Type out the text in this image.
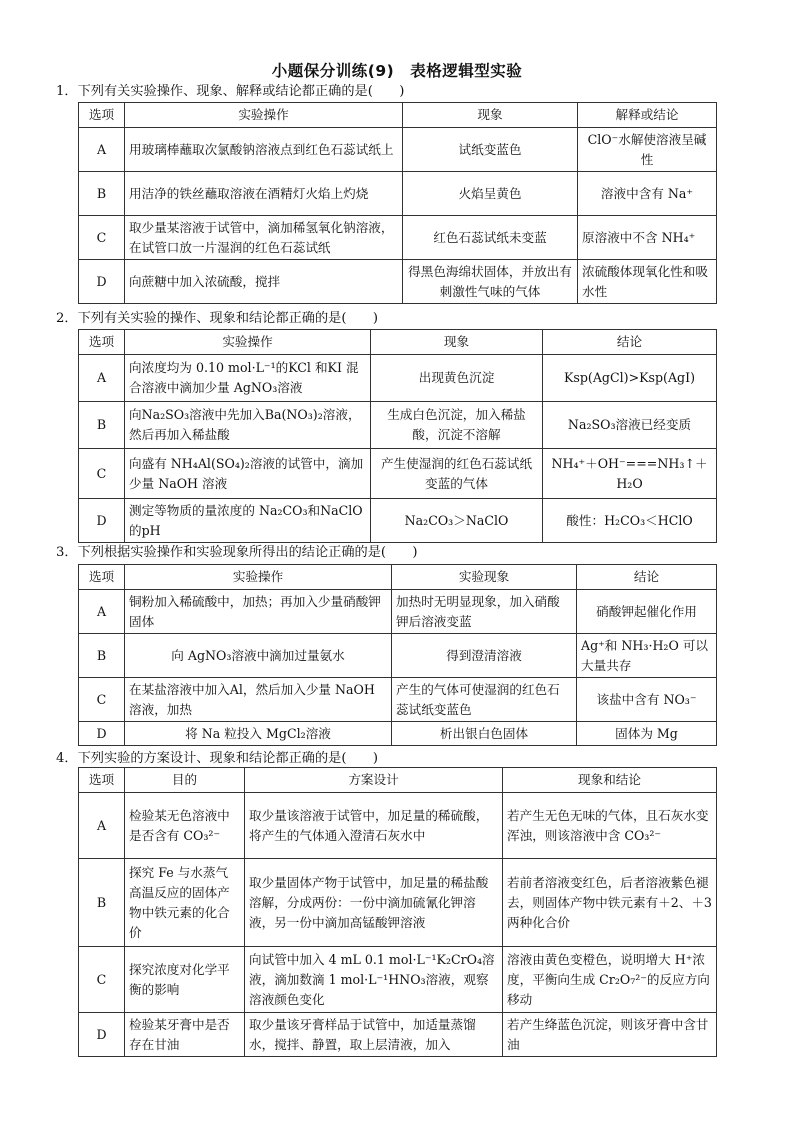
小题保分训练(9)　表格逻辑型实验
1．下列有关实验操作、现象、解释或结论都正确的是(　　)
选项	实验操作	现象	解释或结论
A	用玻璃棒蘸取次氯酸钠溶液点到红色石蕊试纸上	试纸变蓝色	ClO⁻水解使溶液呈碱性
B	用洁净的铁丝蘸取溶液在酒精灯火焰上灼烧	火焰呈黄色	溶液中含有 Na⁺
C	取少量某溶液于试管中，滴加稀氢氧化钠溶液，在试管口放一片湿润的红色石蕊试纸	红色石蕊试纸未变蓝	原溶液中不含 NH₄⁺
D	向蔗糖中加入浓硫酸，搅拌	得黑色海绵状固体，并放出有刺激性气味的气体	浓硫酸体现氧化性和吸水性
2．下列有关实验的操作、现象和结论都正确的是(　　)
选项	实验操作	现象	结论
A	向浓度均为 0.10 mol·L⁻¹的KCl 和KI 混合溶液中滴加少量 AgNO₃溶液	出现黄色沉淀	Ksp(AgCl)>Ksp(AgI)
B	向Na₂SO₃溶液中先加入Ba(NO₃)₂溶液，然后再加入稀盐酸	生成白色沉淀，加入稀盐酸，沉淀不溶解	Na₂SO₃溶液已经变质
C	向盛有 NH₄Al(SO₄)₂溶液的试管中，滴加少量 NaOH 溶液	产生使湿润的红色石蕊试纸变蓝的气体	NH₄⁺＋OH⁻===NH₃↑＋H₂O
D	测定等物质的量浓度的 Na₂CO₃和NaClO 的pH	Na₂CO₃＞NaClO	酸性：H₂CO₃＜HClO
3．下列根据实验操作和实验现象所得出的结论正确的是(　　)
选项	实验操作	实验现象	结论
A	铜粉加入稀硫酸中，加热；再加入少量硝酸钾固体	加热时无明显现象，加入硝酸钾后溶液变蓝	硝酸钾起催化作用
B	向 AgNO₃溶液中滴加过量氨水	得到澄清溶液	Ag⁺和 NH₃·H₂O 可以大量共存
C	在某盐溶液中加入Al，然后加入少量 NaOH 溶液，加热	产生的气体可使湿润的红色石蕊试纸变蓝色	该盐中含有 NO₃⁻
D	将 Na 粒投入 MgCl₂溶液	析出银白色固体	固体为 Mg
4．下列实验的方案设计、现象和结论都正确的是(　　)
选项	目的	方案设计	现象和结论
A	检验某无色溶液中是否含有 CO₃²⁻	取少量该溶液于试管中，加足量的稀硫酸，将产生的气体通入澄清石灰水中	若产生无色无味的气体，且石灰水变浑浊，则该溶液中含 CO₃²⁻
B	探究 Fe 与水蒸气高温反应的固体产物中铁元素的化合价	取少量固体产物于试管中，加足量的稀盐酸溶解，分成两份：一份中滴加硫氰化钾溶液，另一份中滴加高锰酸钾溶液	若前者溶液变红色，后者溶液紫色褪去，则固体产物中铁元素有＋2、＋3 两种化合价
C	探究浓度对化学平衡的影响	向试管中加入 4 mL 0.1 mol·L⁻¹K₂CrO₄溶液，滴加数滴 1 mol·L⁻¹HNO₃溶液，观察溶液颜色变化	溶液由黄色变橙色，说明增大 H⁺浓度，平衡向生成 Cr₂O₇²⁻的反应方向移动
D	检验某牙膏中是否存在甘油	取少量该牙膏样品于试管中，加适量蒸馏水，搅拌、静置，取上层清液，加入	若产生绛蓝色沉淀，则该牙膏中含甘油
